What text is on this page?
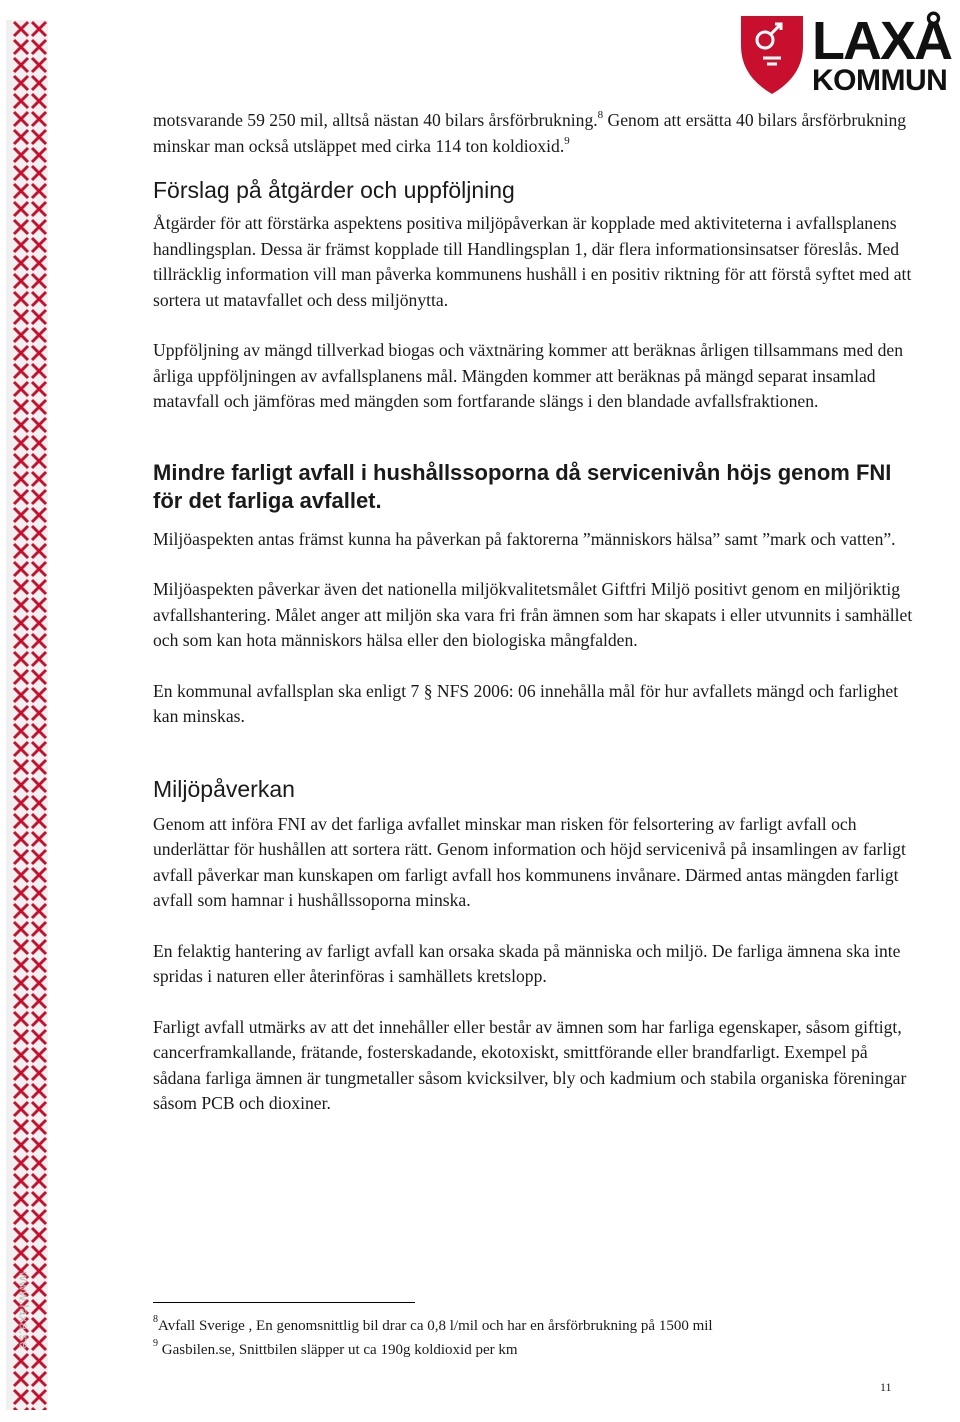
www.laxa.se
LAXÅ
KOMMUN

motsvarande 59 250 mil, alltså nästan 40 bilars årsförbrukning.$^8$ Genom att ersätta 40 bilars årsförbrukning minskar man också utsläppet med cirka 114 ton koldioxid.$^9$

Förslag på åtgärder och uppföljning

Åtgärder för att förstärka aspektens positiva miljöpåverkan är kopplade med aktiviteterna i avfallsplanens handlingsplan. Dessa är främst kopplade till Handlingsplan 1, där flera informationsinsatser föreslås. Med tillräcklig information vill man påverka kommunens hushåll i en positiv riktning för att förstå syftet med att sortera ut matavfallet och dess miljönytta.

Uppföljning av mängd tillverkad biogas och växtnäring kommer att beräknas årligen tillsammans med den årliga uppföljningen av avfallsplanens mål. Mängden kommer att beräknas på mängd separat insamlad matavfall och jämföras med mängden som fortfarande slängs i den blandade avfallsfraktionen.

Mindre farligt avfall i hushållssoporna då servicenivån höjs genom FNI för det farliga avfallet.

Miljöaspekten antas främst kunna ha påverkan på faktorerna ”människors hälsa” samt ”mark och vatten”.

Miljöaspekten påverkar även det nationella miljökvalitetsmålet Giftfri Miljö positivt genom en miljöriktig avfallshantering. Målet anger att miljön ska vara fri från ämnen som har skapats i eller utvunnits i samhället och som kan hota människors hälsa eller den biologiska mångfalden.

En kommunal avfallsplan ska enligt 7 § NFS 2006: 06 innehålla mål för hur avfallets mängd och farlighet kan minskas.

Miljöpåverkan

Genom att införa FNI av det farliga avfallet minskar man risken för felsortering av farligt avfall och underlättar för hushållen att sortera rätt. Genom information och höjd servicenivå på insamlingen av farligt avfall påverkar man kunskapen om farligt avfall hos kommunens invånare. Därmed antas mängden farligt avfall som hamnar i hushållssoporna minska.

En felaktig hantering av farligt avfall kan orsaka skada på människa och miljö. De farliga ämnena ska inte spridas i naturen eller återinföras i samhällets kretslopp.

Farligt avfall utmärks av att det innehåller eller består av ämnen som har farliga egenskaper, såsom giftigt, cancerframkallande, frätande, fosterskadande, ekotoxiskt, smittförande eller brandfarligt. Exempel på sådana farliga ämnen är tungmetaller såsom kvicksilver, bly och kadmium och stabila organiska föreningar såsom PCB och dioxiner.

$^8$Avfall Sverige , En genomsnittlig bil drar ca 0,8 l/mil och har en årsförbrukning på 1500 mil

$^9$ Gasbilen.se, Snittbilen släpper ut ca 190g koldioxid per km

11
